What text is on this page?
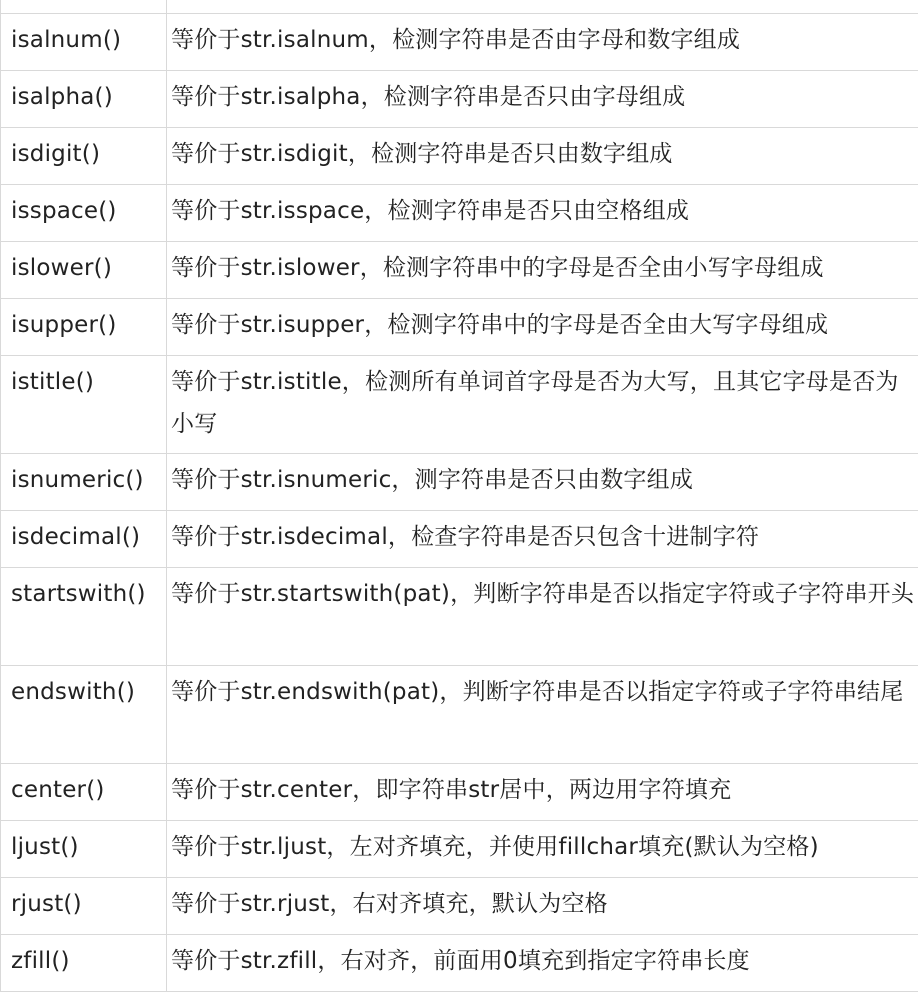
isalnum()	等价于str.isalnum，检测字符串是否由字母和数字组成
isalpha()	等价于str.isalpha，检测字符串是否只由字母组成
isdigit()	等价于str.isdigit，检测字符串是否只由数字组成
isspace()	等价于str.isspace，检测字符串是否只由空格组成
islower()	等价于str.islower，检测字符串中的字母是否全由小写字母组成
isupper()	等价于str.isupper，检测字符串中的字母是否全由大写字母组成
istitle()	等价于str.istitle，检测所有单词首字母是否为大写，且其它字母是否为小写
isnumeric()	等价于str.isnumeric，测字符串是否只由数字组成
isdecimal()	等价于str.isdecimal，检查字符串是否只包含十进制字符
startswith()	等价于str.startswith(pat)，判断字符串是否以指定字符或子字符串开头
endswith()	等价于str.endswith(pat)，判断字符串是否以指定字符或子字符串结尾
center()	等价于str.center，即字符串str居中，两边用字符填充
ljust()	等价于str.ljust，左对齐填充，并使用fillchar填充(默认为空格)
rjust()	等价于str.rjust，右对齐填充，默认为空格
zfill()	等价于str.zfill，右对齐，前面用0填充到指定字符串长度
